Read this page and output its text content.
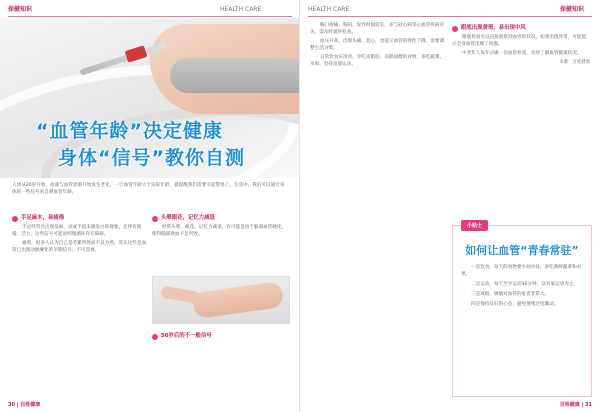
保健知识	HEALTH CARE
“血管年龄”决定健康
身体“信号”教你自测
人体从20岁开始，血液与血管逐渐开始发生老化。一旦血管年龄大于实际年龄，就提醒我们需要引起警惕了。生活中，我们可以通过身体的一些信号来自测血管年龄。
手足麻木，易疲倦

手足经常会出现发麻、凉或手指末端发白的现象，还伴有疲倦、乏力，这些信号可能说明微循环存在障碍。

通常，很多人认为自己是劳累所致而不以为然，其实这些是血管已出现动脉硬化的早期信号，不可忽视。

头晕眼花，记忆力减退

经常头晕、眼花、记忆力减退，有可能是由于脑部血管硬化，使得脑部供血不足所致。

50岁后的不一般信号
30 | 百姓健康
HEALTH CARE	保健知识

胸口疼痛、胸闷，发作时间较长，多与冠心病等心血管疾病有关，需及时就医检查。

血压升高，出现头痛、恶心，也提示血管的弹性下降，需要调整生活习惯。

日常饮食应清淡，少吃高脂肪、高胆固醇的食物，多吃蔬菜、水果，坚持适量运动。

眼底出现黄斑，易出现中风

眼底检查可以直接观察到血管的状况，如果出现异常，可能提示全身血管出现了问题。

中老年人每年应做一次血管检查，及时了解血管健康状况。

来源：百姓健康
小贴士
如何让血管“青春常驻”

一是饮食，每天的食物要少油少盐，多吃新鲜蔬菜和水果。

二是运动，每天至少运动30分钟，以有氧运动为主。

三是戒烟，吸烟对血管的危害非常大。

四是保持良好的心态，避免情绪过度激动。

百姓健康 | 31
